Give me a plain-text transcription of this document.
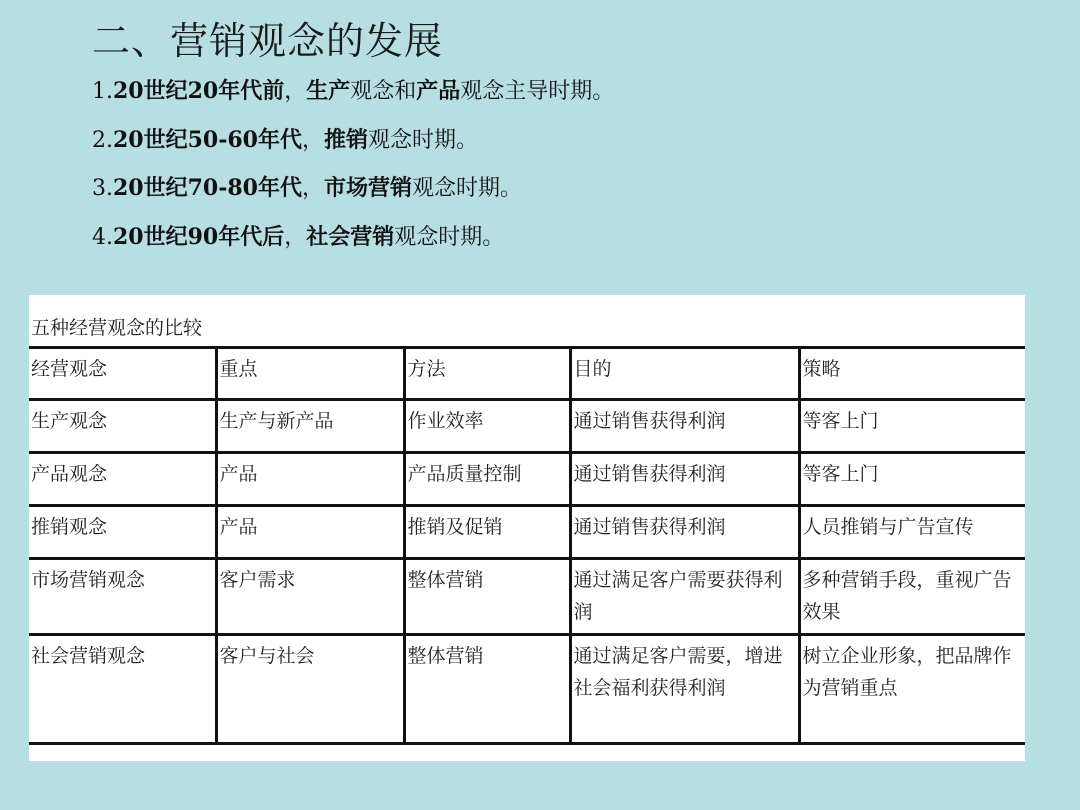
二、营销观念的发展
1.20世纪20年代前，生产观念和产品观念主导时期。
2.20世纪50-60年代，推销观念时期。
3.20世纪70-80年代，市场营销观念时期。
4.20世纪90年代后，社会营销观念时期。
五种经营观念的比较
经营观念	重点	方法	目的	策略
生产观念	生产与新产品	作业效率	通过销售获得利润	等客上门
产品观念	产品	产品质量控制	通过销售获得利润	等客上门
推销观念	产品	推销及促销	通过销售获得利润	人员推销与广告宣传
市场营销观念	客户需求	整体营销	通过满足客户需要获得利润	多种营销手段，重视广告效果
社会营销观念	客户与社会	整体营销	通过满足客户需要，增进社会福利获得利润	树立企业形象，把品牌作为营销重点
